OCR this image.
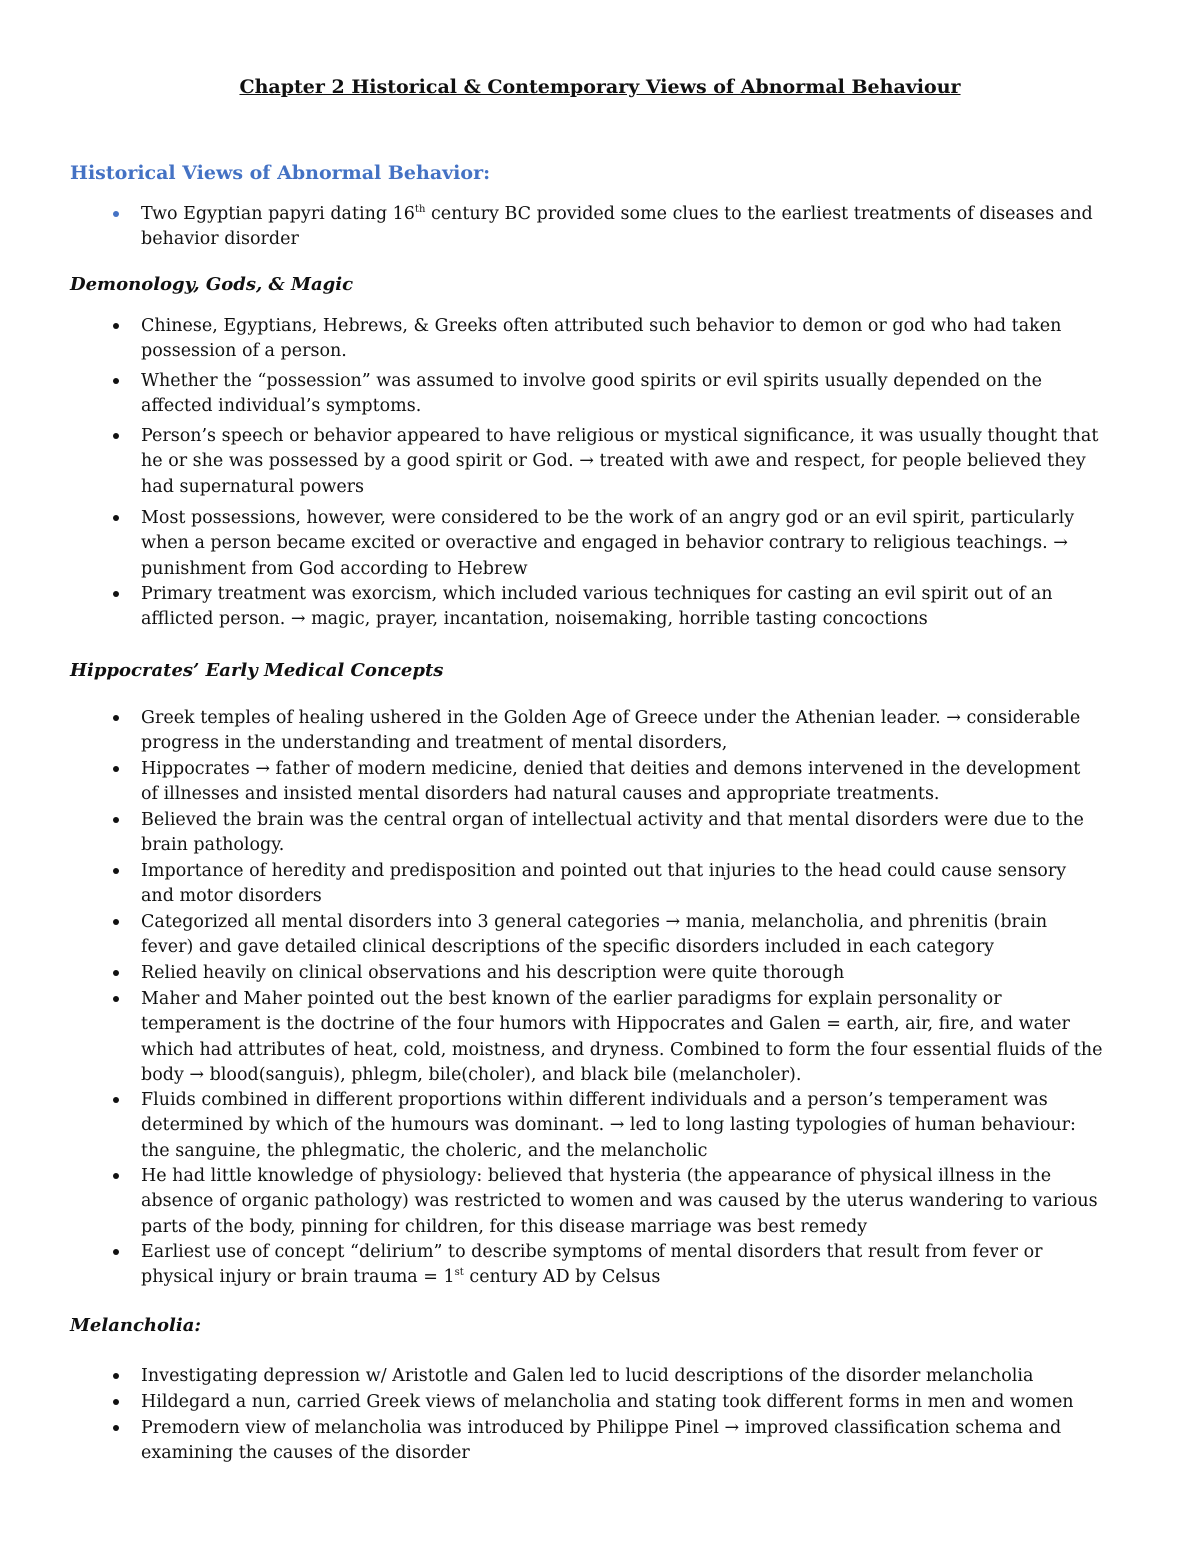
Chapter 2 Historical & Contemporary Views of Abnormal Behaviour
Historical Views of Abnormal Behavior:
Two Egyptian papyri dating 16th century BC provided some clues to the earliest treatments of diseases and
behavior disorder
Demonology, Gods, & Magic
Chinese, Egyptians, Hebrews, & Greeks often attributed such behavior to demon or god who had taken
possession of a person.
Whether the “possession” was assumed to involve good spirits or evil spirits usually depended on the
affected individual’s symptoms.
Person’s speech or behavior appeared to have religious or mystical significance, it was usually thought that
he or she was possessed by a good spirit or God. → treated with awe and respect, for people believed they
had supernatural powers
Most possessions, however, were considered to be the work of an angry god or an evil spirit, particularly
when a person became excited or overactive and engaged in behavior contrary to religious teachings. →
punishment from God according to Hebrew
Primary treatment was exorcism, which included various techniques for casting an evil spirit out of an
afflicted person. → magic, prayer, incantation, noisemaking, horrible tasting concoctions
Hippocrates’ Early Medical Concepts
Greek temples of healing ushered in the Golden Age of Greece under the Athenian leader. → considerable
progress in the understanding and treatment of mental disorders,
Hippocrates → father of modern medicine, denied that deities and demons intervened in the development
of illnesses and insisted mental disorders had natural causes and appropriate treatments.
Believed the brain was the central organ of intellectual activity and that mental disorders were due to the
brain pathology.
Importance of heredity and predisposition and pointed out that injuries to the head could cause sensory
and motor disorders
Categorized all mental disorders into 3 general categories → mania, melancholia, and phrenitis (brain
fever) and gave detailed clinical descriptions of the specific disorders included in each category
Relied heavily on clinical observations and his description were quite thorough
Maher and Maher pointed out the best known of the earlier paradigms for explain personality or
temperament is the doctrine of the four humors with Hippocrates and Galen = earth, air, fire, and water
which had attributes of heat, cold, moistness, and dryness. Combined to form the four essential fluids of the
body → blood(sanguis), phlegm, bile(choler), and black bile (melancholer).
Fluids combined in different proportions within different individuals and a person’s temperament was
determined by which of the humours was dominant. → led to long lasting typologies of human behaviour:
the sanguine, the phlegmatic, the choleric, and the melancholic
He had little knowledge of physiology: believed that hysteria (the appearance of physical illness in the
absence of organic pathology) was restricted to women and was caused by the uterus wandering to various
parts of the body, pinning for children, for this disease marriage was best remedy
Earliest use of concept “delirium” to describe symptoms of mental disorders that result from fever or
physical injury or brain trauma = 1st century AD by Celsus
Melancholia:
Investigating depression w/ Aristotle and Galen led to lucid descriptions of the disorder melancholia
Hildegard a nun, carried Greek views of melancholia and stating took different forms in men and women
Premodern view of melancholia was introduced by Philippe Pinel → improved classification schema and
examining the causes of the disorder
